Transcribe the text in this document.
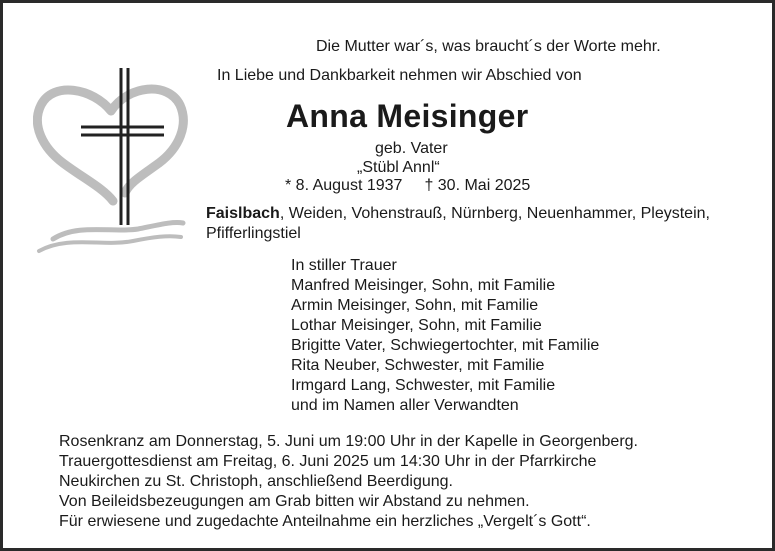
Die Mutter war´s, was braucht´s der Worte mehr.
In Liebe und Dankbarkeit nehmen wir Abschied von
Anna Meisinger
geb. Vater
„Stübl Annl“
* 8. August 1937 † 30. Mai 2025
Faislbach, Weiden, Vohenstrauß, Nürnberg, Neuenhammer, Pleystein, Pfifferlingstiel
In stiller Trauer
Manfred Meisinger, Sohn, mit Familie
Armin Meisinger, Sohn, mit Familie
Lothar Meisinger, Sohn, mit Familie
Brigitte Vater, Schwiegertochter, mit Familie
Rita Neuber, Schwester, mit Familie
Irmgard Lang, Schwester, mit Familie
und im Namen aller Verwandten
Rosenkranz am Donnerstag, 5. Juni um 19:00 Uhr in der Kapelle in Georgenberg.
Trauergottesdienst am Freitag, 6. Juni 2025 um 14:30 Uhr in der Pfarrkirche
Neukirchen zu St. Christoph, anschließend Beerdigung.
Von Beileidsbezeugungen am Grab bitten wir Abstand zu nehmen.
Für erwiesene und zugedachte Anteilnahme ein herzliches „Vergelt´s Gott“.
